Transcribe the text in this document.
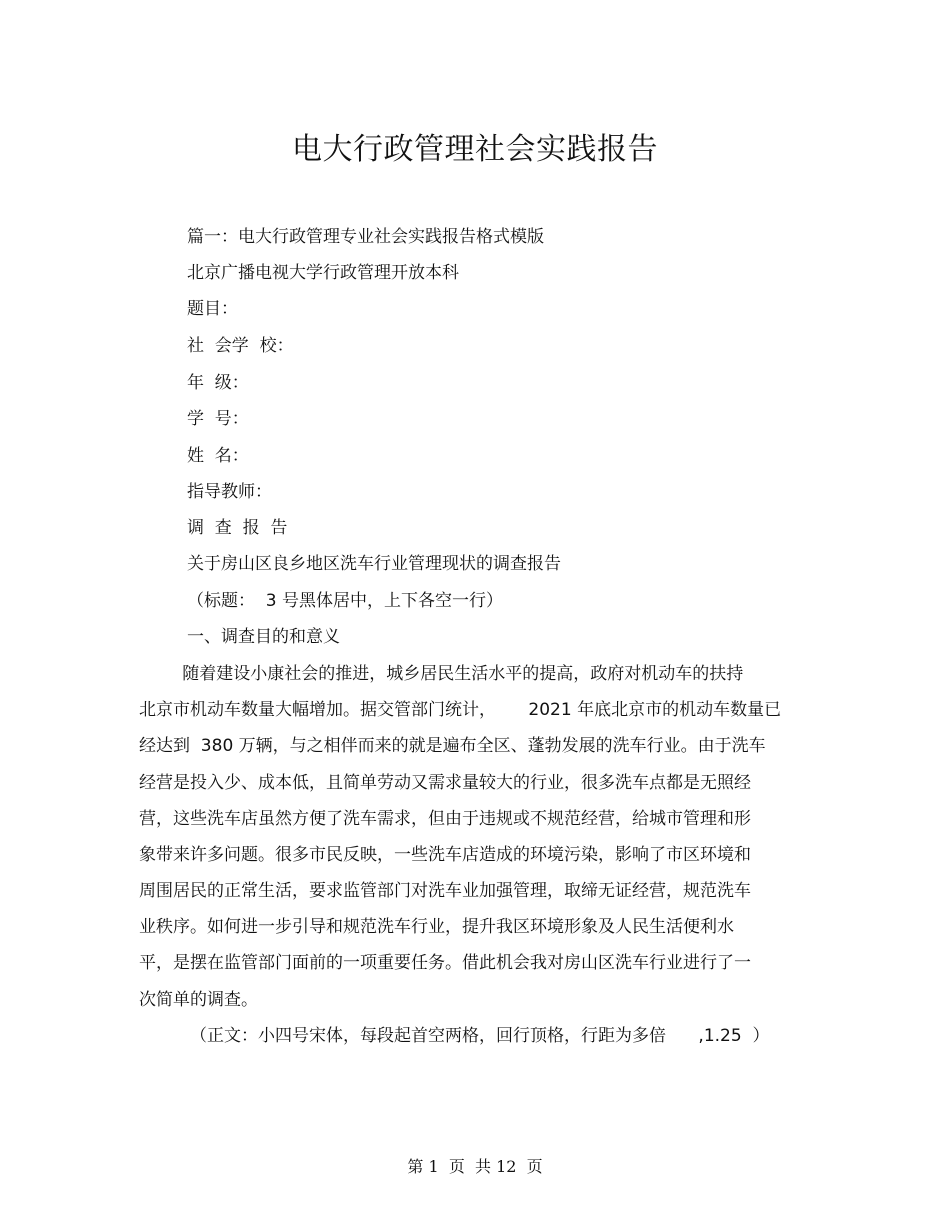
电大行政管理社会实践报告
篇一：电大行政管理专业社会实践报告格式模版
北京广播电视大学行政管理开放本科
题目：
社  会学  校：
年  级：
学  号：
姓  名：
指导教师：
调  查  报  告
关于房山区良乡地区洗车行业管理现状的调查报告
（标题：  3 号黑体居中，上下各空一行）
一、调查目的和意义
随着建设小康社会的推进，城乡居民生活水平的提高，政府对机动车的扶持
北京市机动车数量大幅增加。据交管部门统计，      2021 年底北京市的机动车数量已
经达到  380 万辆，与之相伴而来的就是遍布全区、蓬勃发展的洗车行业。由于洗车
经营是投入少、成本低，且简单劳动又需求量较大的行业，很多洗车点都是无照经
营，这些洗车店虽然方便了洗车需求，但由于违规或不规范经营，给城市管理和形
象带来许多问题。很多市民反映，一些洗车店造成的环境污染，影响了市区环境和
周围居民的正常生活，要求监管部门对洗车业加强管理，取缔无证经营，规范洗车
业秩序。如何进一步引导和规范洗车行业，提升我区环境形象及人民生活便利水
平，是摆在监管部门面前的一项重要任务。借此机会我对房山区洗车行业进行了一
次简单的调查。
（正文：小四号宋体，每段起首空两格，回行顶格，行距为多倍      ,1.25  ）
第 1  页  共 12  页
